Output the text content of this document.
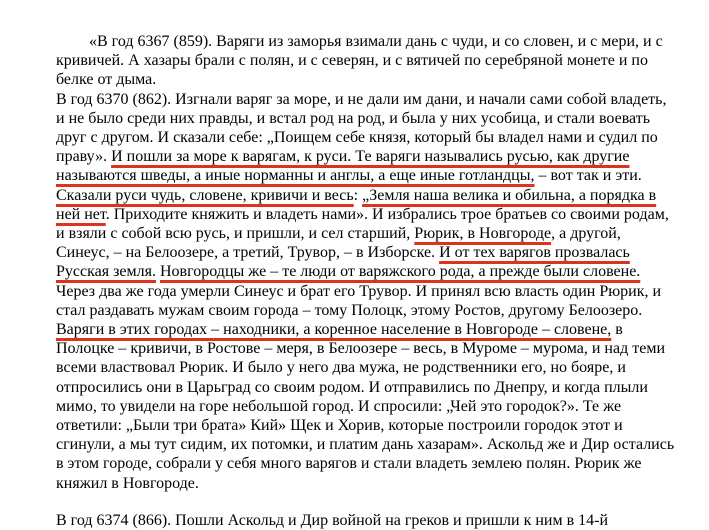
«В год 6367 (859). Варяги из заморья взимали дань с чуди, и со словен, и с мери, и с
кривичей. А хазары брали с полян, и с северян, и с вятичей по серебряной монете и по
белке от дыма.
В год 6370 (862). Изгнали варяг за море, и не дали им дани, и начали сами собой владеть,
и не было среди них правды, и встал род на род, и была у них усобица, и стали воевать
друг с другом. И сказали себе: „Поищем себе князя, который бы владел нами и судил по
праву». И пошли за море к варягам, к руси. Те варяги назывались русью, как другие
называются шведы, а иные норманны и англы, а еще иные готландцы, – вот так и эти.
Сказали руси чудь, словене, кривичи и весь: „Земля наша велика и обильна, а порядка в
ней нет. Приходите княжить и владеть нами». И избрались трое братьев со своими родам,
и взяли с собой всю русь, и пришли, и сел старший, Рюрик, в Новгороде, а другой,
Синеус, – на Белоозере, а третий, Трувор, – в Изборске. И от тех варягов прозвалась
Русская земля. Новгородцы же – те люди от варяжского рода, а прежде были словене.
Через два же года умерли Синеус и брат его Трувор. И принял всю власть один Рюрик, и
стал раздавать мужам своим города – тому Полоцк, этому Ростов, другому Белоозеро.
Варяги в этих городах – находники, а коренное население в Новгороде – словене, в
Полоцке – кривичи, в Ростове – меря, в Белоозере – весь, в Муроме – мурома, и над теми
всеми властвовал Рюрик. И было у него два мужа, не родственники его, но бояре, и
отпросились они в Царьград со своим родом. И отправились по Днепру, и когда плыли
мимо, то увидели на горе небольшой город. И спросили: „Чей это городок?». Те же
ответили: „Были три брата» Кий» Щек и Хорив, которые построили городок этот и
сгинули, а мы тут сидим, их потомки, и платим дань хазарам». Аскольд же и Дир остались
в этом городе, собрали у себя много варягов и стали владеть землею полян. Рюрик же
княжил в Новгороде.
В год 6374 (866). Пошли Аскольд и Дир войной на греков и пришли к ним в 14-й
